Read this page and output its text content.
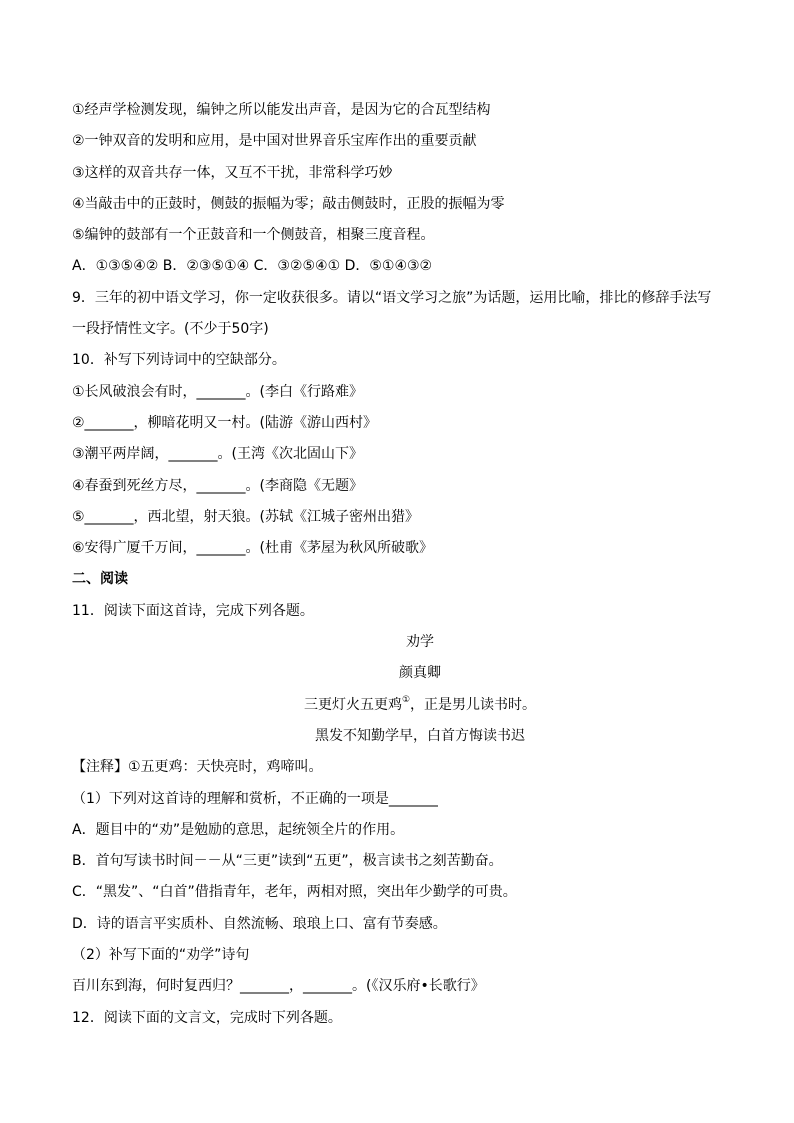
①经声学检测发现，编钟之所以能发出声音，是因为它的合瓦型结构
②一钟双音的发明和应用，是中国对世界音乐宝库作出的重要贡献
③这样的双音共存一体，又互不干扰，非常科学巧妙
④当敲击中的正鼓时，侧鼓的振幅为零；敲击侧鼓时，正股的振幅为零
⑤编钟的鼓部有一个正鼓音和一个侧鼓音，相聚三度音程。
A．①③⑤④② B．②③⑤①④ C．③②⑤④① D．⑤①④③②
9．三年的初中语文学习，你一定收获很多。请以“语文学习之旅”为话题，运用比喻，排比的修辞手法写
一段抒情性文字。(不少于50字)
10．补写下列诗词中的空缺部分。
①长风破浪会有时，_______。(李白《行路难》
②_______，柳暗花明又一村。(陆游《游山西村》
③潮平两岸阔，_______。(王湾《次北固山下》
④春蚕到死丝方尽，_______。(李商隐《无题》
⑤_______，西北望，射天狼。(苏轼《江城子密州出猎》
⑥安得广厦千万间，_______。(杜甫《茅屋为秋风所破歌》
二、阅读
11．阅读下面这首诗，完成下列各题。
劝学
颜真卿
三更灯火五更鸡①，正是男儿读书时。
黑发不知勤学早，白首方悔读书迟
【注释】①五更鸡：天快亮时，鸡啼叫。
（1）下列对这首诗的理解和赏析，不正确的一项是_______
A．题目中的“劝”是勉励的意思，起统领全片的作用。
B．首句写读书时间－－从“三更”读到“五更”，极言读书之刻苦勤奋。
C．“黑发”、“白首”借指青年，老年，两相对照，突出年少勤学的可贵。
D．诗的语言平实质朴、自然流畅、琅琅上口、富有节奏感。
（2）补写下面的“劝学”诗句
百川东到海，何时复西归？_______，_______。(《汉乐府•长歌行》
12．阅读下面的文言文，完成时下列各题。
